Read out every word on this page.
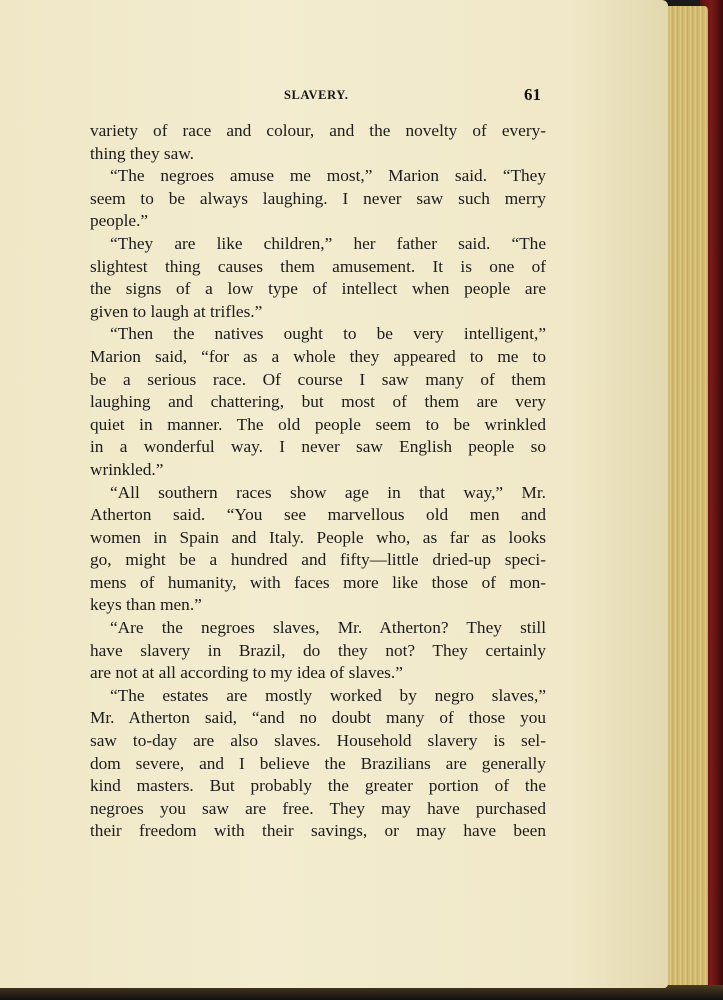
SLAVERY.	61
variety of race and colour, and the novelty of every-
thing they saw.
“The negroes amuse me most,” Marion said. “They
seem to be always laughing. I never saw such merry
people.”
“They are like children,” her father said. “The
slightest thing causes them amusement. It is one of
the signs of a low type of intellect when people are
given to laugh at trifles.”
“Then the natives ought to be very intelligent,”
Marion said, “for as a whole they appeared to me to
be a serious race. Of course I saw many of them
laughing and chattering, but most of them are very
quiet in manner. The old people seem to be wrinkled
in a wonderful way. I never saw English people so
wrinkled.”
“All southern races show age in that way,” Mr.
Atherton said. “You see marvellous old men and
women in Spain and Italy. People who, as far as looks
go, might be a hundred and fifty—little dried-up speci-
mens of humanity, with faces more like those of mon-
keys than men.”
“Are the negroes slaves, Mr. Atherton? They still
have slavery in Brazil, do they not? They certainly
are not at all according to my idea of slaves.”
“The estates are mostly worked by negro slaves,”
Mr. Atherton said, “and no doubt many of those you
saw to-day are also slaves. Household slavery is sel-
dom severe, and I believe the Brazilians are generally
kind masters. But probably the greater portion of the
negroes you saw are free. They may have purchased
their freedom with their savings, or may have been
